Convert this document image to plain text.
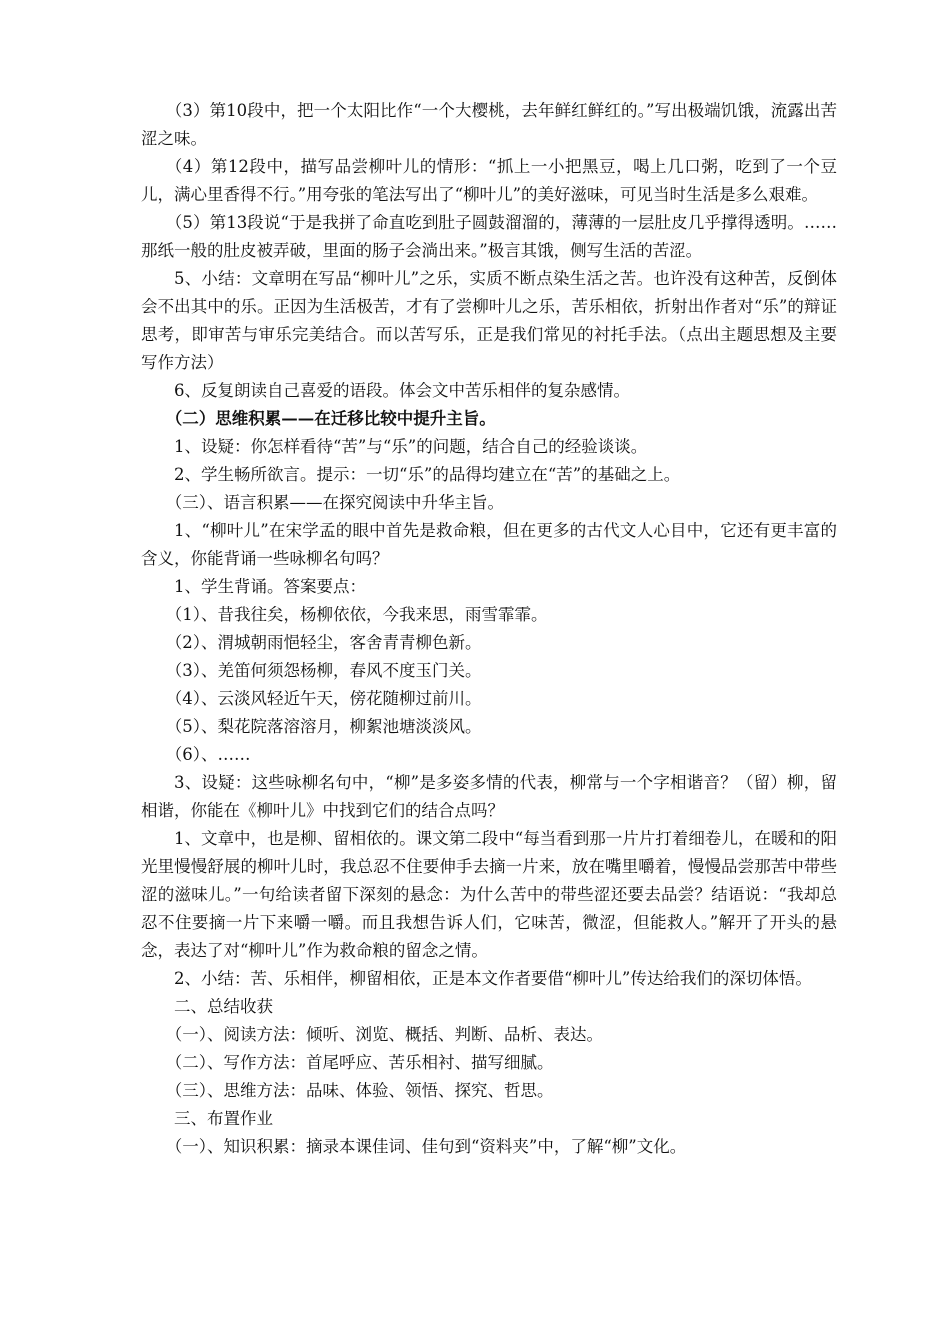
（3）第10段中，把一个太阳比作“一个大樱桃，去年鲜红鲜红的。”写出极端饥饿，流露出苦涩之味。

（4）第12段中，描写品尝柳叶儿的情形：“抓上一小把黑豆，喝上几口粥，吃到了一个豆儿，满心里香得不行。”用夸张的笔法写出了“柳叶儿”的美好滋味，可见当时生活是多么艰难。

（5）第13段说“于是我拼了命直吃到肚子圆鼓溜溜的，薄薄的一层肚皮几乎撑得透明。……那纸一般的肚皮被弄破，里面的肠子会淌出来。”极言其饿，侧写生活的苦涩。

5、小结：文章明在写品“柳叶儿”之乐，实质不断点染生活之苦。也许没有这种苦，反倒体会不出其中的乐。正因为生活极苦，才有了尝柳叶儿之乐，苦乐相依，折射出作者对“乐”的辩证思考，即审苦与审乐完美结合。而以苦写乐，正是我们常见的衬托手法。（点出主题思想及主要写作方法）

6、反复朗读自己喜爱的语段。体会文中苦乐相伴的复杂感情。

（二）思维积累——在迁移比较中提升主旨。

1、设疑：你怎样看待“苦”与“乐”的问题，结合自己的经验谈谈。

2、学生畅所欲言。提示：一切“乐”的品得均建立在“苦”的基础之上。

（三）、语言积累——在探究阅读中升华主旨。

1、“柳叶儿”在宋学孟的眼中首先是救命粮，但在更多的古代文人心目中，它还有更丰富的含义，你能背诵一些咏柳名句吗？

1、学生背诵。答案要点：

（1）、昔我往矣，杨柳依依，今我来思，雨雪霏霏。

（2）、渭城朝雨悒轻尘，客舍青青柳色新。

（3）、羌笛何须怨杨柳，春风不度玉门关。

（4）、云淡风轻近午天，傍花随柳过前川。

（5）、梨花院落溶溶月，柳絮池塘淡淡风。

（6）、……

3、设疑：这些咏柳名句中，“柳”是多姿多情的代表，柳常与一个字相谐音？（留）柳，留相谐，你能在《柳叶儿》中找到它们的结合点吗？

1、文章中，也是柳、留相依的。课文第二段中“每当看到那一片片打着细卷儿，在暖和的阳光里慢慢舒展的柳叶儿时，我总忍不住要伸手去摘一片来，放在嘴里嚼着，慢慢品尝那苦中带些涩的滋味儿。”一句给读者留下深刻的悬念：为什么苦中的带些涩还要去品尝？结语说：“我却总忍不住要摘一片下来嚼一嚼。而且我想告诉人们，它味苦，微涩，但能救人。”解开了开头的悬念，表达了对“柳叶儿”作为救命粮的留念之情。

2、小结：苦、乐相伴，柳留相依，正是本文作者要借“柳叶儿”传达给我们的深切体悟。

二、总结收获

（一）、阅读方法：倾听、浏览、概括、判断、品析、表达。

（二）、写作方法：首尾呼应、苦乐相衬、描写细腻。

（三）、思维方法：品味、体验、领悟、探究、哲思。

三、布置作业

（一）、知识积累：摘录本课佳词、佳句到“资料夹”中，了解“柳”文化。
